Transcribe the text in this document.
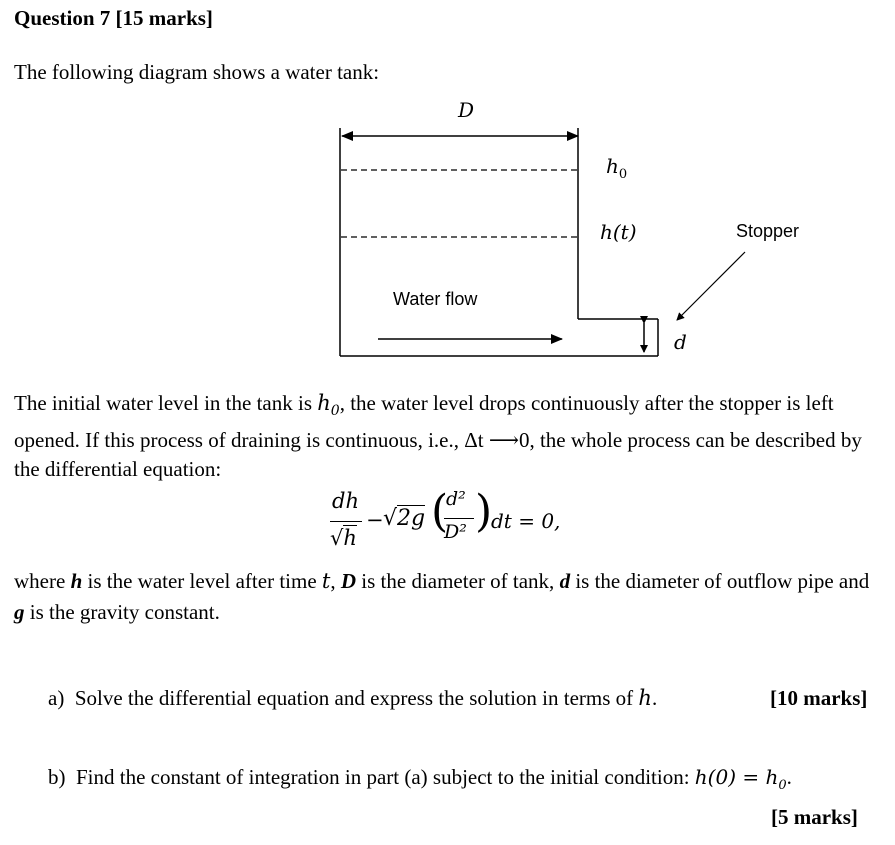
Question 7 [15 marks]
The following diagram shows a water tank:
D
$h_0$
h(t)	Stopper
Water flow
d
The initial water level in the tank is $h_0$, the water level drops continuously after the stopper is left opened. If this process of draining is continuous, i.e., Δt ⟶0, the whole process can be described by the differential equation:
dh
√h
− √2g (
d²
D² )
dt = 0,
where h is the water level after time t, D is the diameter of tank, d is the diameter of outflow pipe and g is the gravity constant.
a) Solve the differential equation and express the solution in terms of h.	[10 marks]
b) Find the constant of integration in part (a) subject to the initial condition: $h(0) = h_0$.
[5 marks]
